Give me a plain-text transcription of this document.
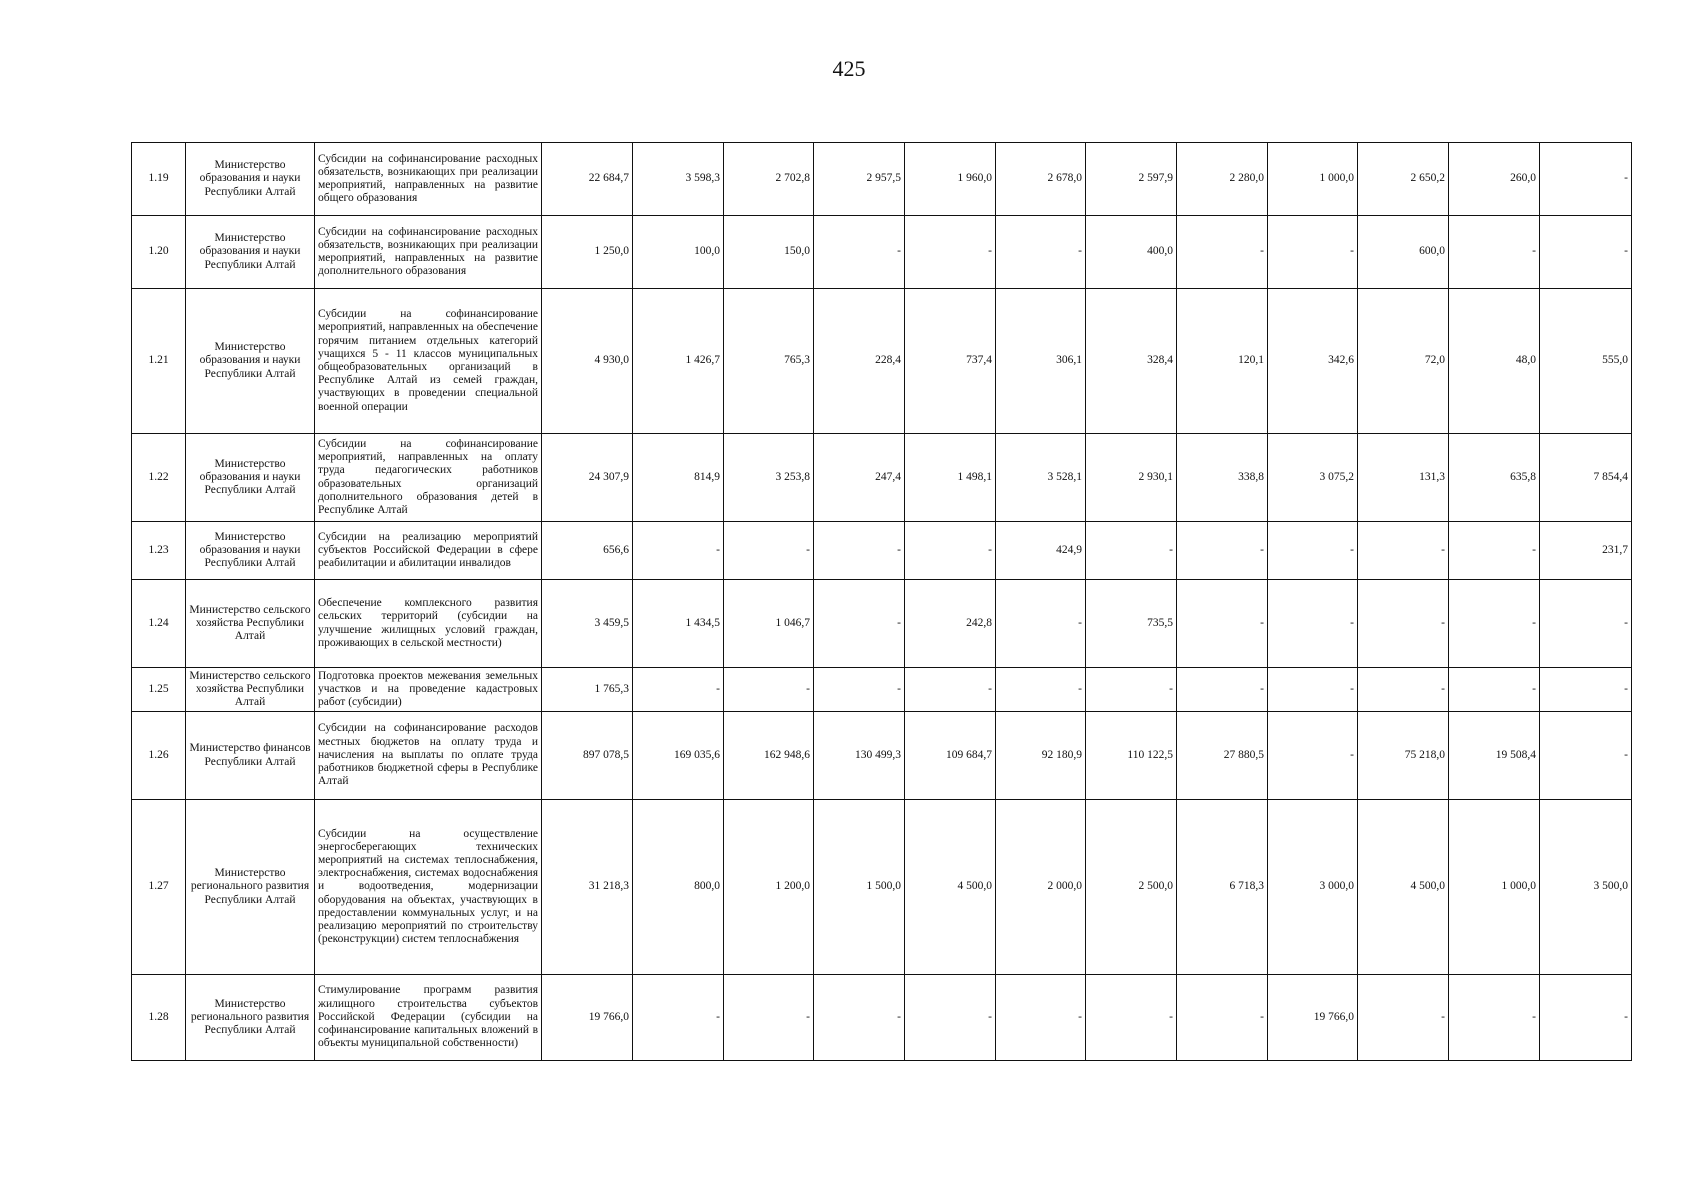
425
1.19	Министерство образования и науки Республики Алтай	Субсидии на софинансирование расходных обязательств, возникающих при реализации мероприятий, направленных на развитие общего образования	22 684,7	3 598,3	2 702,8	2 957,5	1 960,0	2 678,0	2 597,9	2 280,0	1 000,0	2 650,2	260,0	-
1.20	Министерство образования и науки Республики Алтай	Субсидии на софинансирование расходных обязательств, возникающих при реализации мероприятий, направленных на развитие дополнительного образования	1 250,0	100,0	150,0	-	-	-	400,0	-	-	600,0	-	-
1.21	Министерство образования и науки Республики Алтай	Субсидии на софинансирование мероприятий, направленных на обеспечение горячим питанием отдельных категорий учащихся 5 - 11 классов муниципальных общеобразовательных организаций в Республике Алтай из семей граждан, участвующих в проведении специальной военной операции	4 930,0	1 426,7	765,3	228,4	737,4	306,1	328,4	120,1	342,6	72,0	48,0	555,0
1.22	Министерство образования и науки Республики Алтай	Субсидии на софинансирование мероприятий, направленных на оплату труда педагогических работников образовательных организаций дополнительного образования детей в Республике Алтай	24 307,9	814,9	3 253,8	247,4	1 498,1	3 528,1	2 930,1	338,8	3 075,2	131,3	635,8	7 854,4
1.23	Министерство образования и науки Республики Алтай	Субсидии на реализацию мероприятий субъектов Российской Федерации в сфере реабилитации и абилитации инвалидов	656,6	-	-	-	-	424,9	-	-	-	-	-	231,7
1.24	Министерство сельского хозяйства Республики Алтай	Обеспечение комплексного развития сельских территорий (субсидии на улучшение жилищных условий граждан, проживающих в сельской местности)	3 459,5	1 434,5	1 046,7	-	242,8	-	735,5	-	-	-	-	-
1.25	Министерство сельского хозяйства Республики Алтай	Подготовка проектов межевания земельных участков и на проведение кадастровых работ (субсидии)	1 765,3	-	-	-	-	-	-	-	-	-	-	-
1.26	Министерство финансов Республики Алтай	Субсидии на софинансирование расходов местных бюджетов на оплату труда и начисления на выплаты по оплате труда работников бюджетной сферы в Республике Алтай	897 078,5	169 035,6	162 948,6	130 499,3	109 684,7	92 180,9	110 122,5	27 880,5	-	75 218,0	19 508,4	-
1.27	Министерство регионального развития Республики Алтай	Субсидии на осуществление энергосберегающих технических мероприятий на системах теплоснабжения, электроснабжения, системах водоснабжения и водоотведения, модернизации оборудования на объектах, участвующих в предоставлении коммунальных услуг, и на реализацию мероприятий по строительству (реконструкции) систем теплоснабжения	31 218,3	800,0	1 200,0	1 500,0	4 500,0	2 000,0	2 500,0	6 718,3	3 000,0	4 500,0	1 000,0	3 500,0
1.28	Министерство регионального развития Республики Алтай	Стимулирование программ развития жилищного строительства субъектов Российской Федерации (субсидии на софинансирование капитальных вложений в объекты муниципальной собственности)	19 766,0	-	-	-	-	-	-	-	19 766,0	-	-	-
